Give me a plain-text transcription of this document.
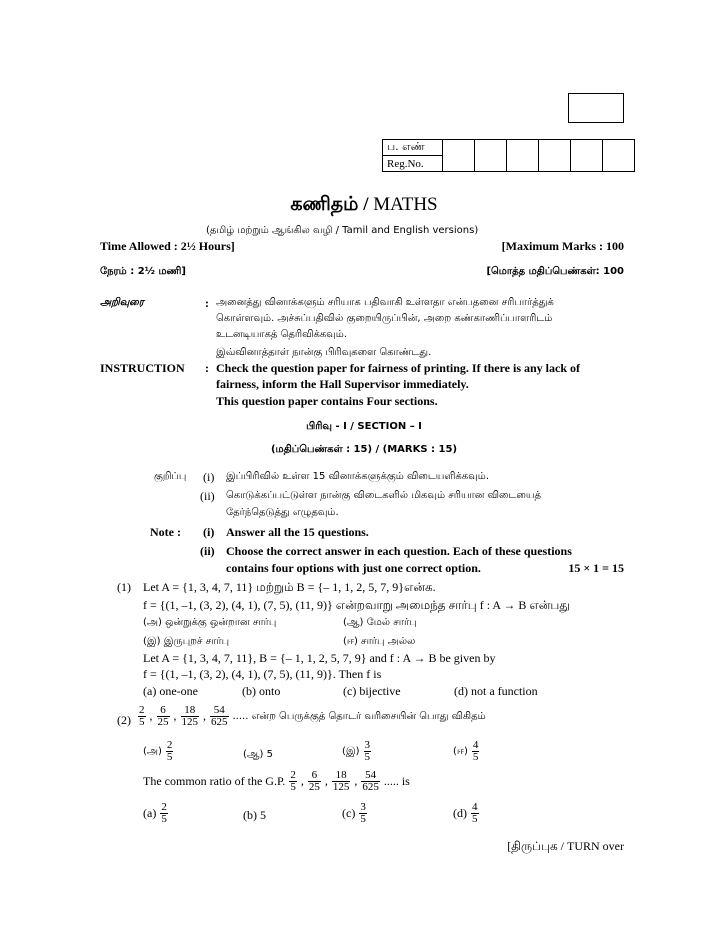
ப. எண்						
Reg.No.
கணிதம் / MATHS
(தமிழ் மற்றும் ஆங்கில வழி / Tamil and English versions)
Time Allowed : 2½ Hours]	[Maximum Marks : 100
நேரம் : 2½ மணி]	[மொத்த மதிப்பெண்கள்: 100
அறிவுரை	: அனைத்து வினாக்களும் சரியாக பதிவாகி உள்ளதா என்பதனை சரிபார்த்துக்
கொள்ளவும். அச்சுப்பதிவில் குறையிருப்பின், அறை கண்காணிப்பாளரிடம்
உடனடியாகத் தெரிவிக்கவும்.
இவ்வினாத்தாள் நான்கு பிரிவுகளை கொண்டது.
INSTRUCTION : Check the question paper for fairness of printing. If there is any lack of
fairness, inform the Hall Supervisor immediately.
This question paper contains Four sections.
பிரிவு - I / SECTION – I
(மதிப்பெண்கள் : 15) / (MARKS : 15)
குறிப்பு (i) இப்பிரிவில் உள்ள 15 வினாக்களுக்கும் விடையளிக்கவும்.
(ii) கொடுக்கப்பட்டுள்ள நான்கு விடைகளில் மிகவும் சரியான விடையைத்
தேர்ந்தெடுத்து எழுதவும்.
Note : (i) Answer all the 15 questions.
(ii) Choose the correct answer in each question. Each of these questions
contains four options with just one correct option.	15 × 1 = 15
(1) Let A = {1, 3, 4, 7, 11} மற்றும் B = {– 1, 1, 2, 5, 7, 9}என்க.
f = {(1, –1, (3, 2), (4, 1), (7, 5), (11, 9)} என்றவாறு அமைந்த சார்பு f : A → B என்பது
(அ) ஒன்றுக்கு ஒன்றான சார்பு	(ஆ) மேல் சார்பு
(இ) இருபுறச் சார்பு	(ஈ) சார்பு அல்ல
Let A = {1, 3, 4, 7, 11}, B = {– 1, 1, 2, 5, 7, 9} and f : A → B be given by
f = {(1, –1, (3, 2), (4, 1), (7, 5), (11, 9)}. Then f is
(a) one-one	(b) onto	(c) bijective	(d) not a function
$(2) \frac{2}{5}$ , $\frac{6}{25}$ , $\frac{18}{125}$ , $\frac{54}{625}$ ..... என்ற பெருக்குத் தொடர் வரிசையின் பொது விகிதம்
(அ) $\frac{2}{5}$	(ஆ) 5	(இ) $\frac{3}{5}$	(ஈ) $\frac{4}{5}$
The common ratio of the G.P. $\frac{2}{5}$ , $\frac{6}{25}$ , $\frac{18}{125}$ , $\frac{54}{625}$ ..... is
$(a) \frac{2}{5}$	(b) 5	$(c) \frac{3}{5}$	$(d) \frac{4}{5}$
[திருப்புக / TURN over
